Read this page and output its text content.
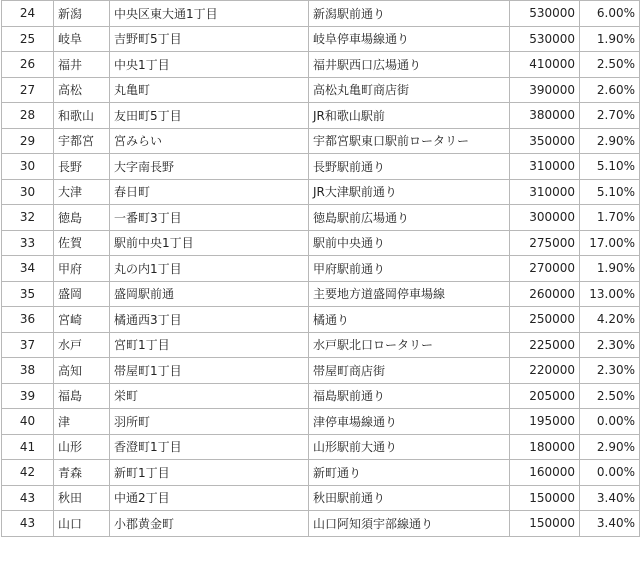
24	新潟	中央区東大通1丁目	新潟駅前通り	530000	6.00%
25	岐阜	吉野町5丁目	岐阜停車場線通り	530000	1.90%
26	福井	中央1丁目	福井駅西口広場通り	410000	2.50%
27	高松	丸亀町	高松丸亀町商店街	390000	2.60%
28	和歌山	友田町5丁目	JR和歌山駅前	380000	2.70%
29	宇都宮	宮みらい	宇都宮駅東口駅前ロータリー	350000	2.90%
30	長野	大字南長野	長野駅前通り	310000	5.10%
30	大津	春日町	JR大津駅前通り	310000	5.10%
32	徳島	一番町3丁目	徳島駅前広場通り	300000	1.70%
33	佐賀	駅前中央1丁目	駅前中央通り	275000	17.00%
34	甲府	丸の内1丁目	甲府駅前通り	270000	1.90%
35	盛岡	盛岡駅前通	主要地方道盛岡停車場線	260000	13.00%
36	宮崎	橘通西3丁目	橘通り	250000	4.20%
37	水戸	宮町1丁目	水戸駅北口ロータリー	225000	2.30%
38	高知	帯屋町1丁目	帯屋町商店街	220000	2.30%
39	福島	栄町	福島駅前通り	205000	2.50%
40	津	羽所町	津停車場線通り	195000	0.00%
41	山形	香澄町1丁目	山形駅前大通り	180000	2.90%
42	青森	新町1丁目	新町通り	160000	0.00%
43	秋田	中通2丁目	秋田駅前通り	150000	3.40%
43	山口	小郡黄金町	山口阿知須宇部線通り	150000	3.40%
